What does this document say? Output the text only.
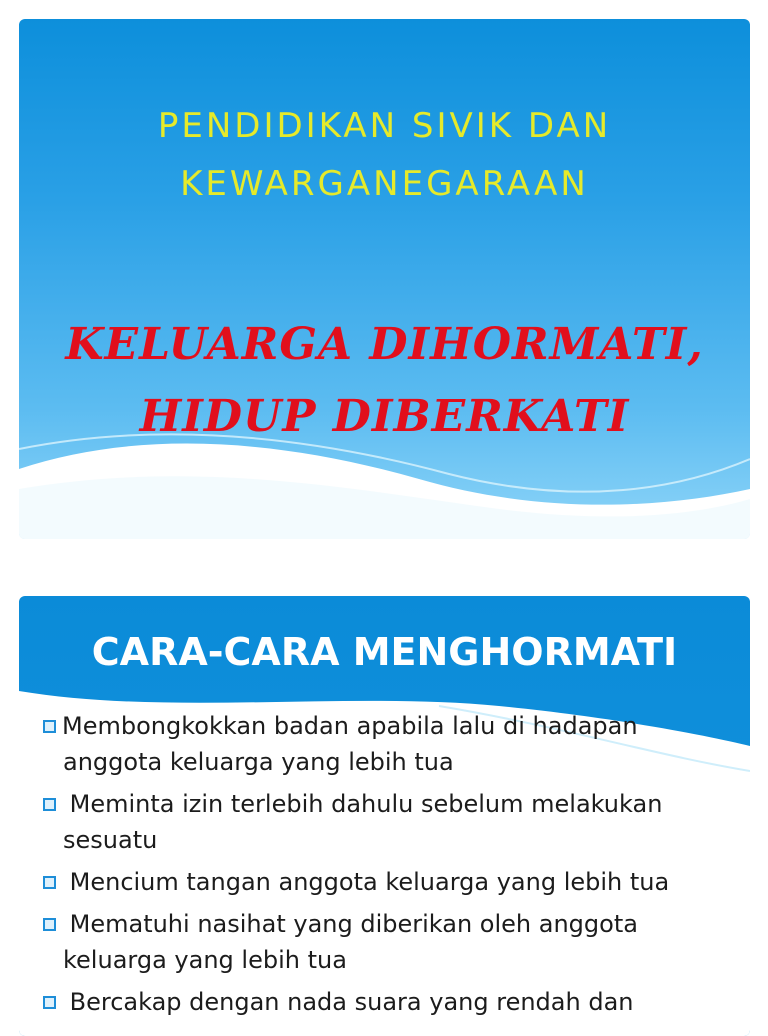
PENDIDIKAN SIVIK DAN
KEWARGANEGARAAN
KELUARGA DIHORMATI,
HIDUP DIBERKATI
CARA-CARA MENGHORMATI
Membongkokkan badan apabila lalu di hadapan
anggota keluarga yang lebih tua
Meminta izin terlebih dahulu sebelum melakukan
sesuatu
Mencium tangan anggota keluarga yang lebih tua
Mematuhi nasihat yang diberikan oleh anggota
keluarga yang lebih tua
Bercakap dengan nada suara yang rendah dan
